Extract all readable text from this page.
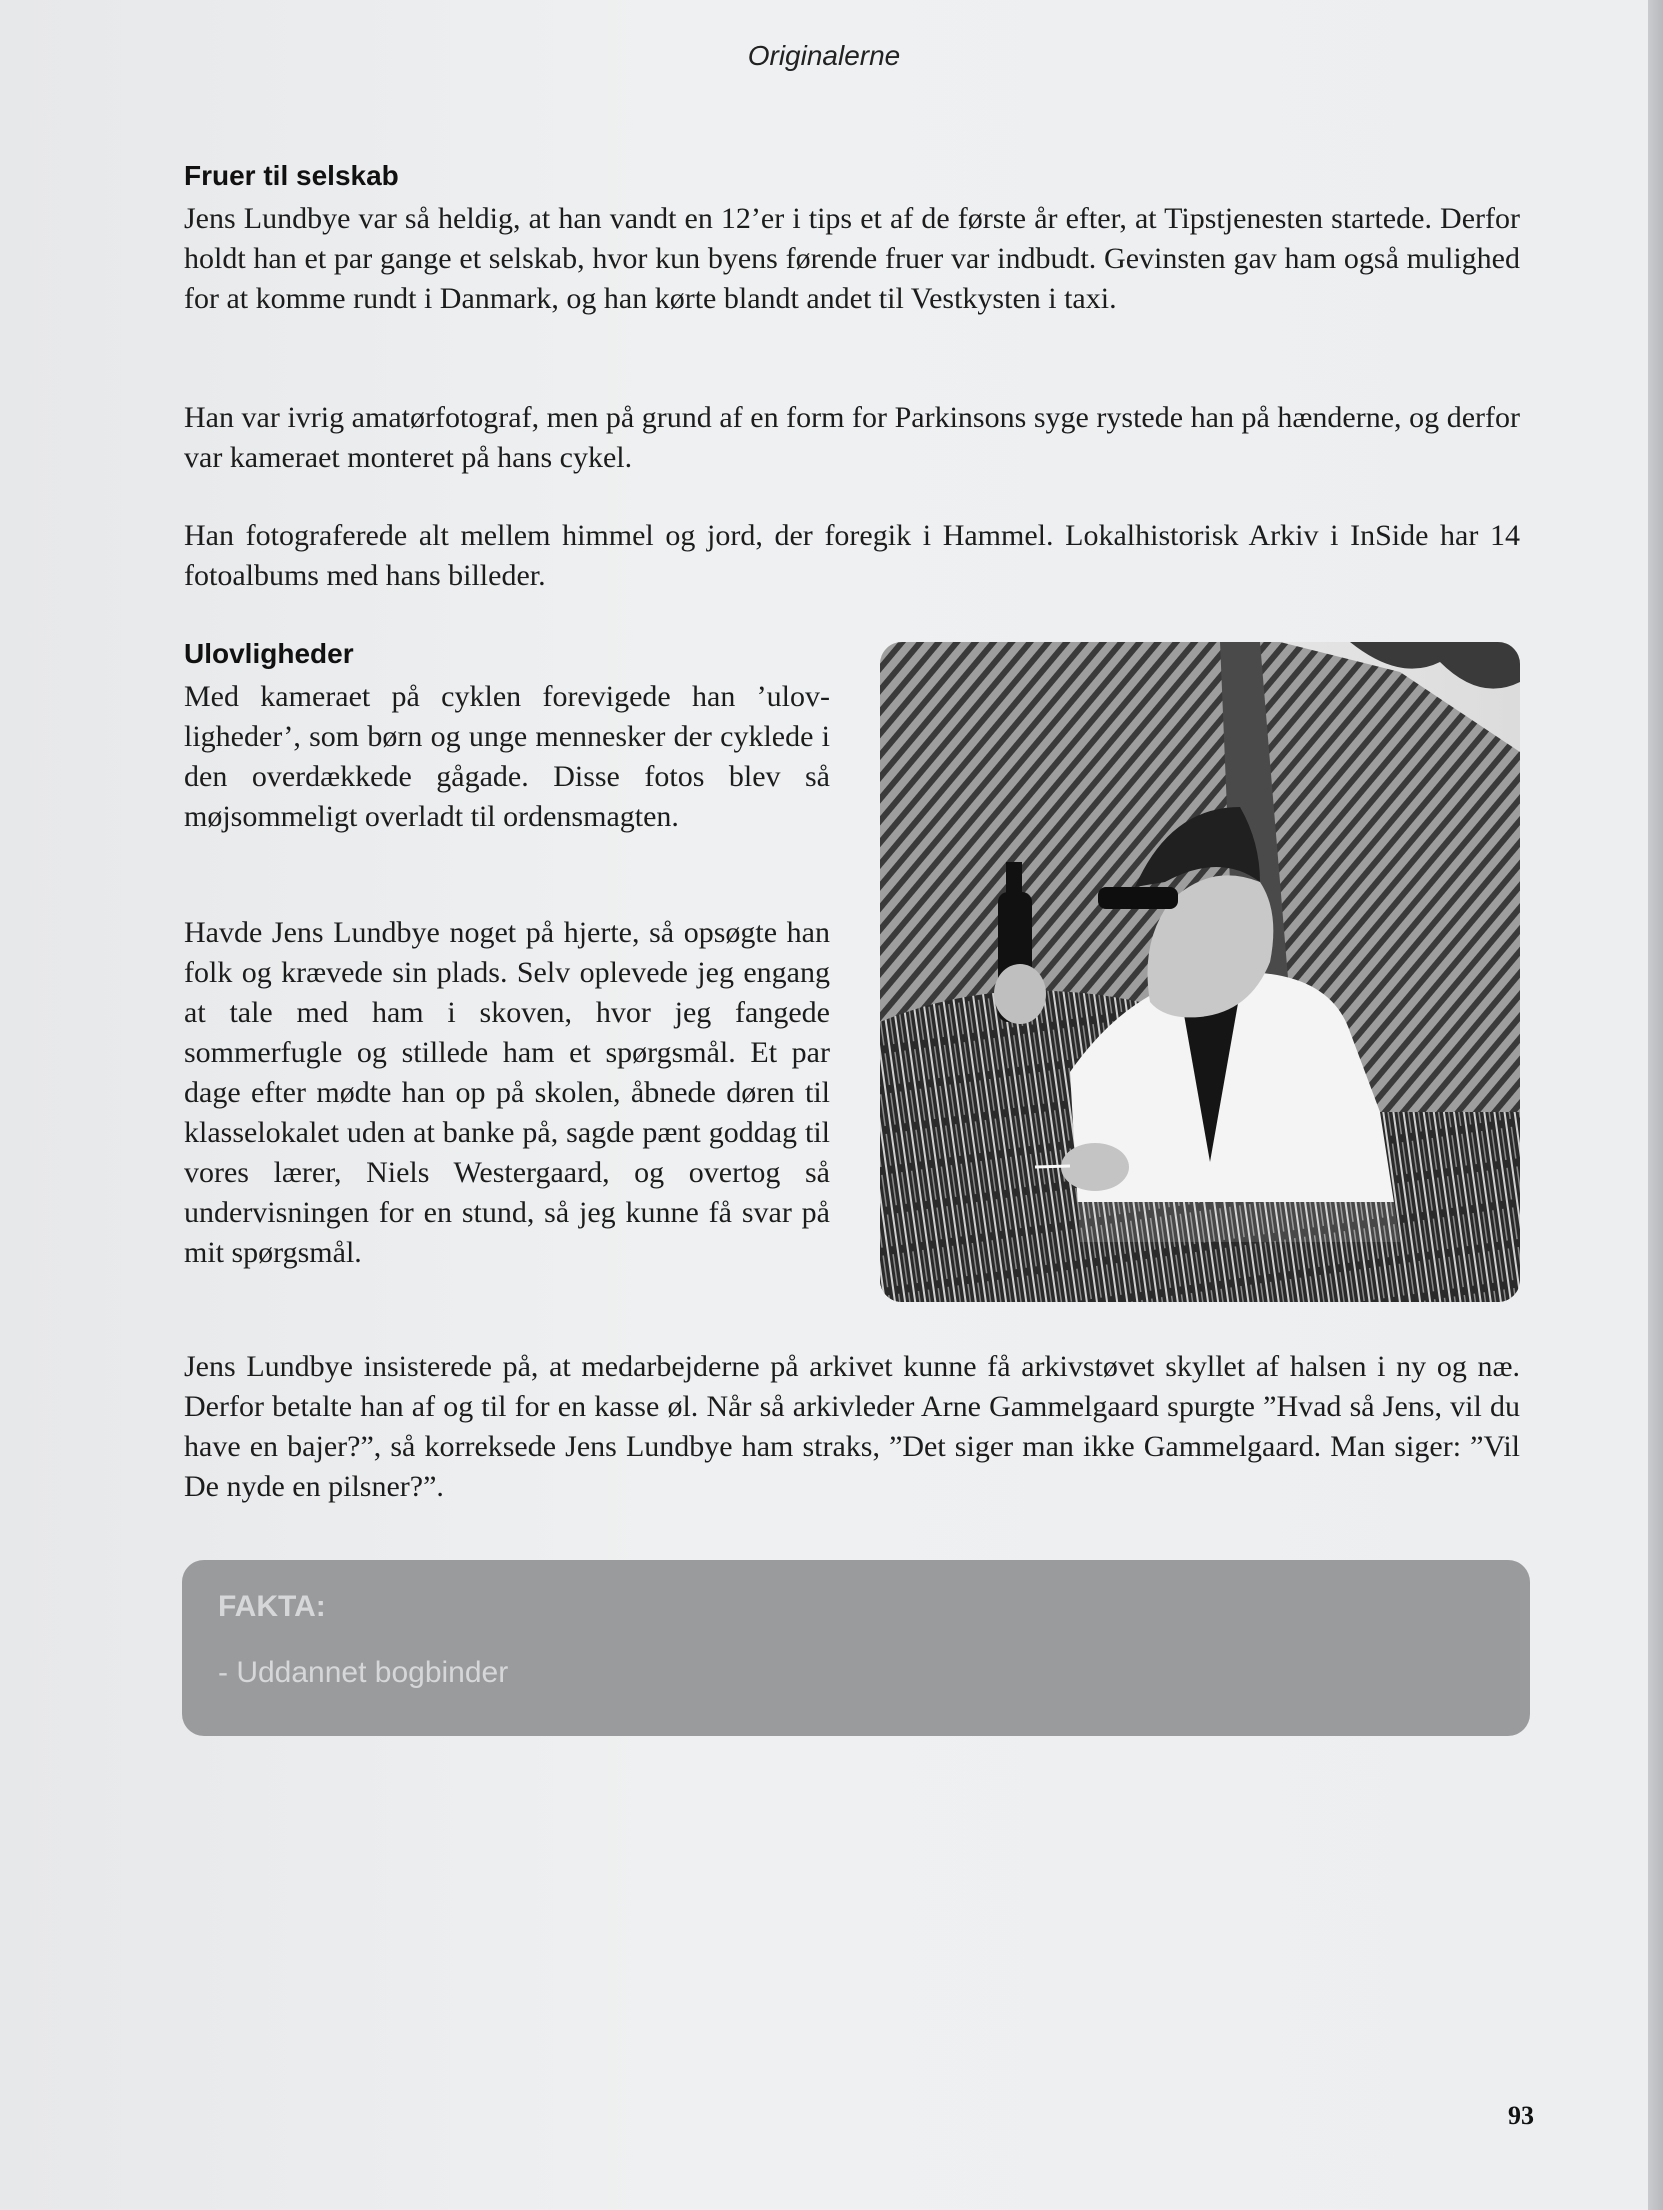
Originalerne
Fruer til selskab

Jens Lundbye var så heldig, at han vandt en 12’er i tips et af de første år efter, at Tipstjenesten startede. Derfor holdt han et par gange et selskab, hvor kun byens førende fruer var indbudt. Gevinsten gav ham også mulighed for at komme rundt i Danmark, og han kørte blandt andet til Vestkysten i taxi.

Han var ivrig amatørfotograf, men på grund af en form for Parkinsons syge rystede han på hænderne, og derfor var kameraet monteret på hans cykel.

Han fotograferede alt mellem himmel og jord, der foregik i Hammel. Lokalhistorisk Arkiv i InSide har 14 fotoalbums med hans billeder.

Ulovligheder

Med kameraet på cyklen forevigede han ’ulovligheder’, som børn og unge mennesker der cyklede i den overdækkede gågade. Disse fotos blev så møjsommeligt overladt til ordensmagten.

Havde Jens Lundbye noget på hjerte, så opsøgte han folk og krævede sin plads. Selv oplevede jeg engang at tale med ham i skoven, hvor jeg fangede sommerfugle og stillede ham et spørgsmål. Et par dage efter mødte han op på skolen, åbnede døren til klasselokalet uden at banke på, sagde pænt goddag til vores lærer, Niels Westergaard, og overtog så undervisningen for en stund, så jeg kunne få svar på mit spørgsmål.

Jens Lundbye insisterede på, at medarbejderne på arkivet kunne få arkivstøvet skyllet af halsen i ny og næ. Derfor betalte han af og til for en kasse øl. Når så arkivleder Arne Gammelgaard spurgte ”Hvad så Jens, vil du have en bajer?”, så korreksede Jens Lundbye ham straks, ”Det siger man ikke Gammelgaard. Man siger: ”Vil De nyde en pilsner?”.

FAKTA:
- Uddannet bogbinder
93
